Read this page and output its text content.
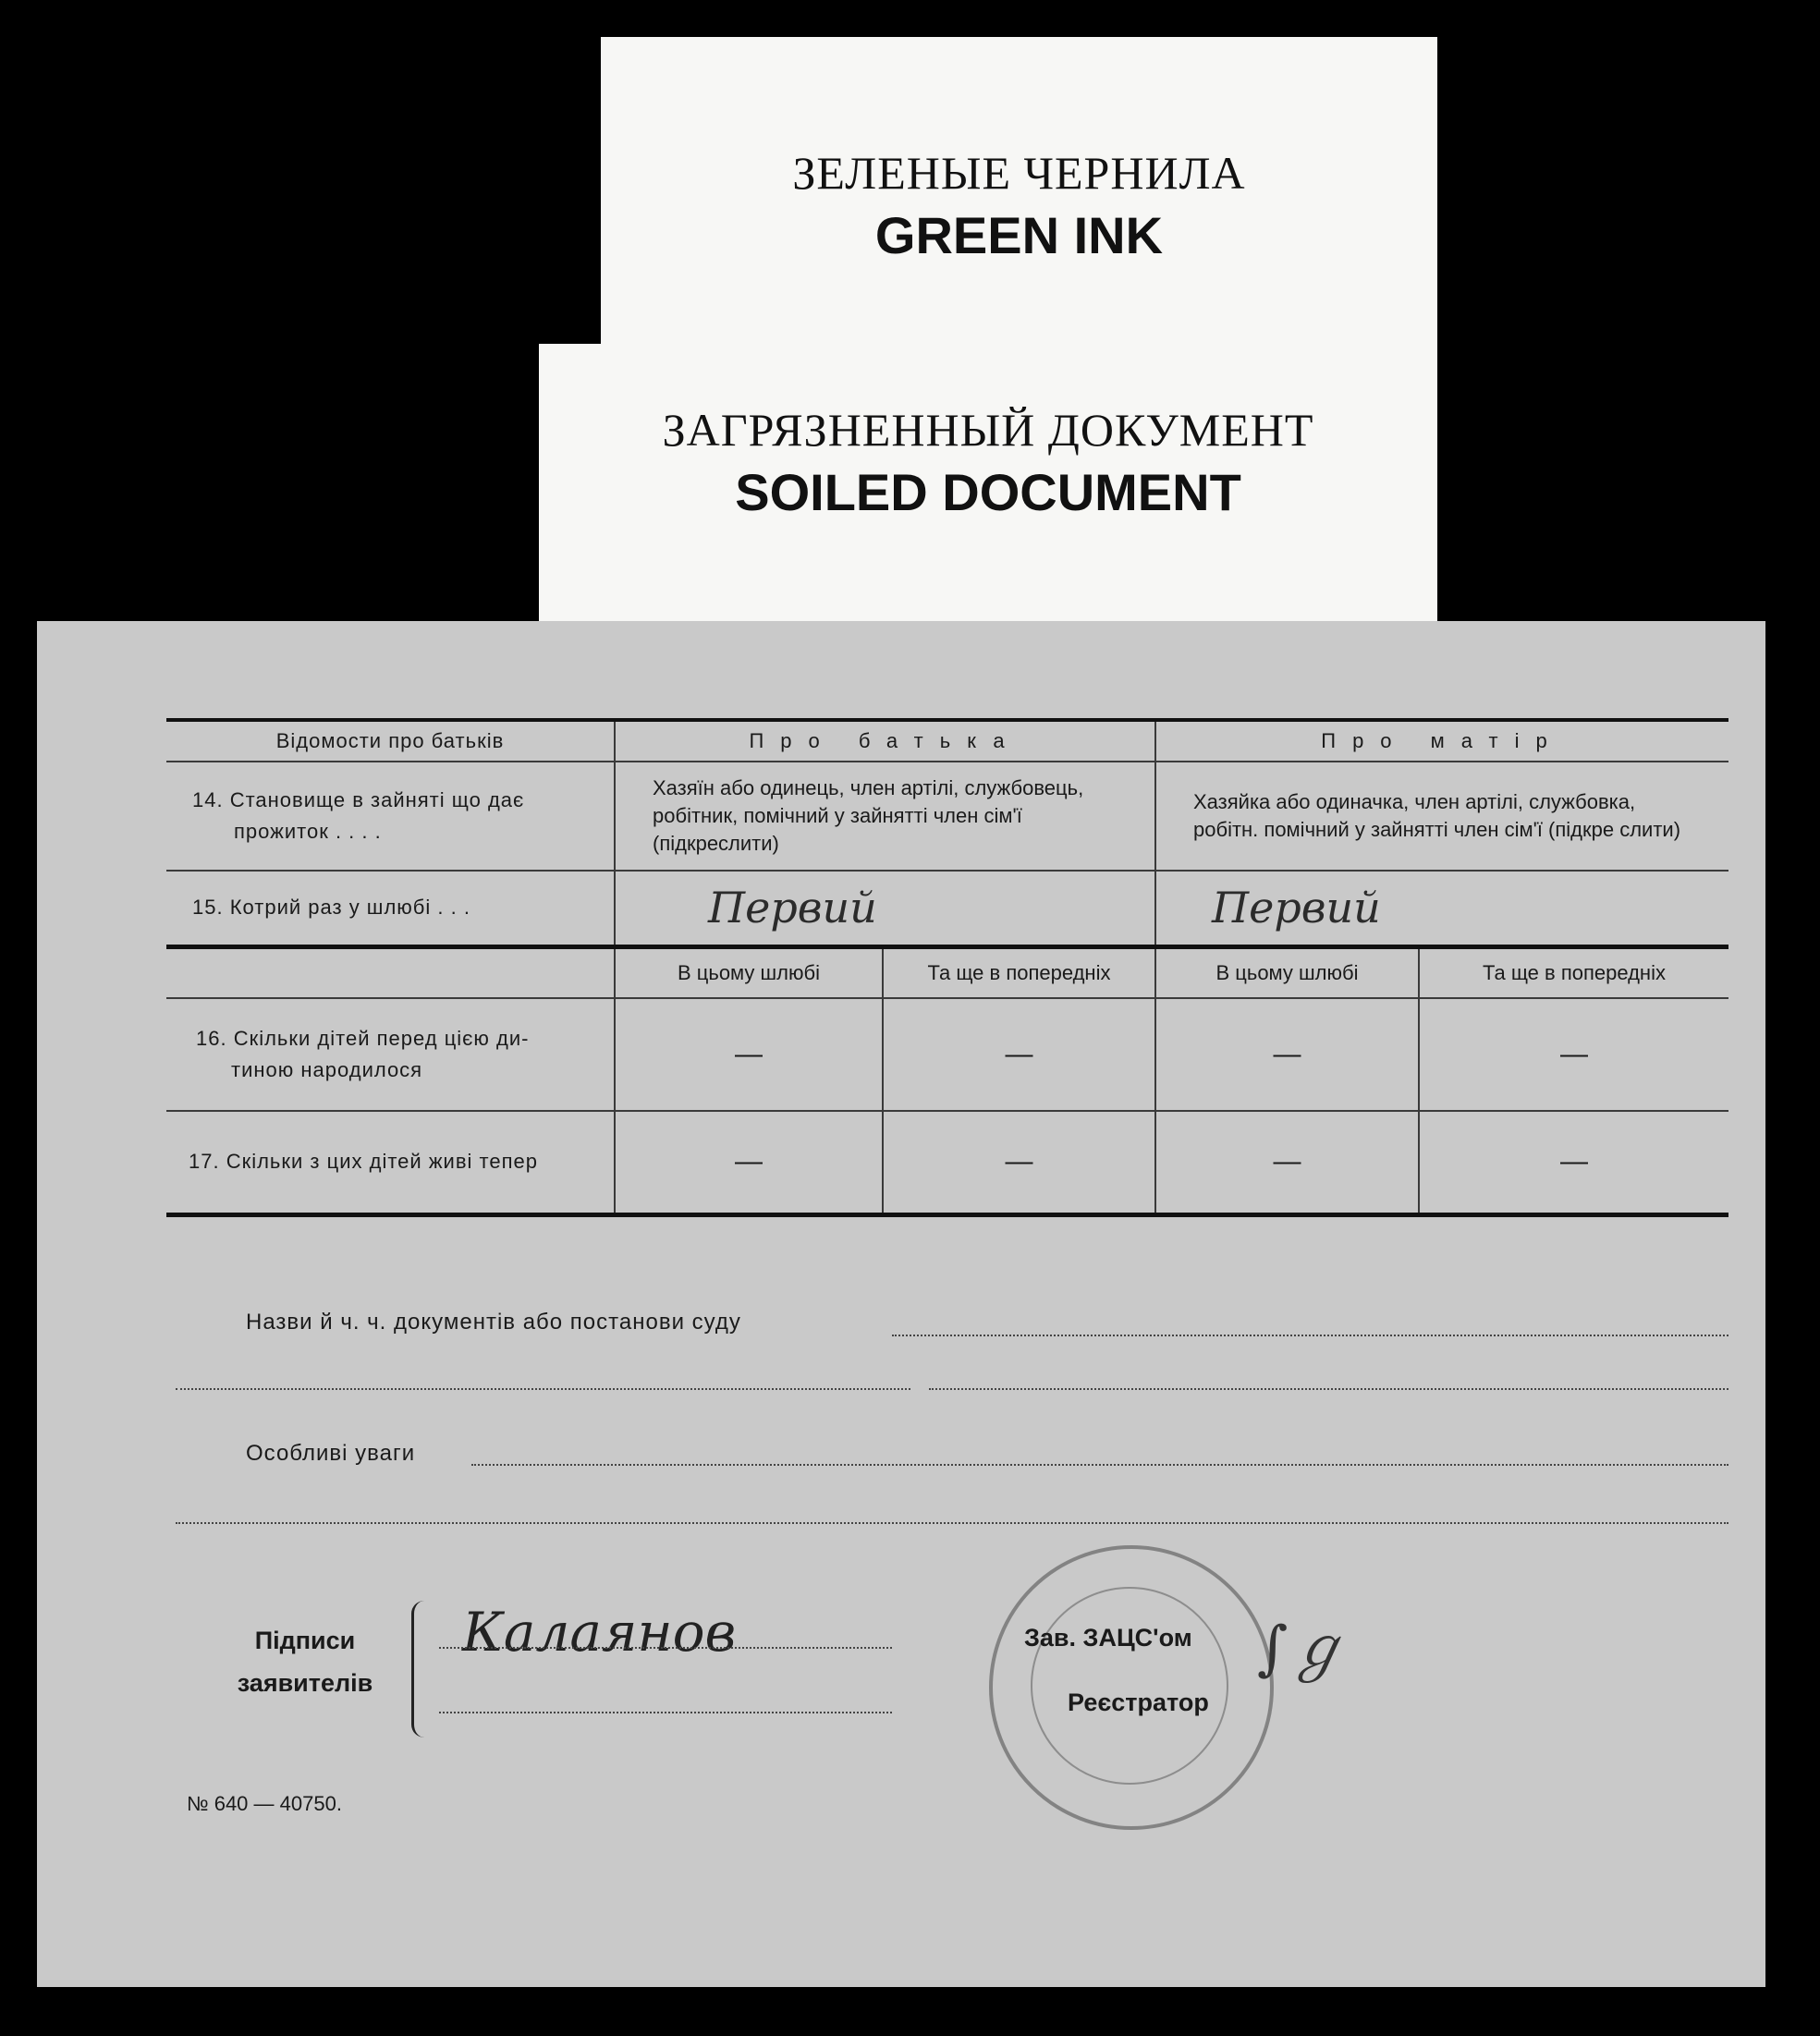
ЗЕЛЕНЫЕ ЧЕРНИЛА
GREEN INK
ЗАГРЯЗНЕННЫЙ ДОКУМЕНТ
SOILED DOCUMENT
Відомости про батьків	Про батька		Про матір	

14. Становище в зайняті що дає
прожиток . . . .	Хазяїн або одинець, член артілі, службовець, робітник, помічний у зайнятті член сім'ї (підкреслити)		Хазяйка або одиначка, член артілі, службовка, робітн. помічний у зайнятті член сім'ї (підкре слити)	
15. Котрий раз у шлюбі . . .	Первий		Первий	
	В цьому шлюбі	Та ще в попередніх	В цьому шлюбі	Та ще в попередніх

16. Скільки дітей перед цією ди-
тиною народилося	—	—	—	—
17. Скільки з цих дітей живі тепер	—	—	—	—
Назви й ч. ч. документів або постанови суду
Особливі уваги
Підписи
заявителів
Калаянов	Зав. ЗАЦС'ом
Реєстратор
∫ℊ
№ 640 — 40750.
